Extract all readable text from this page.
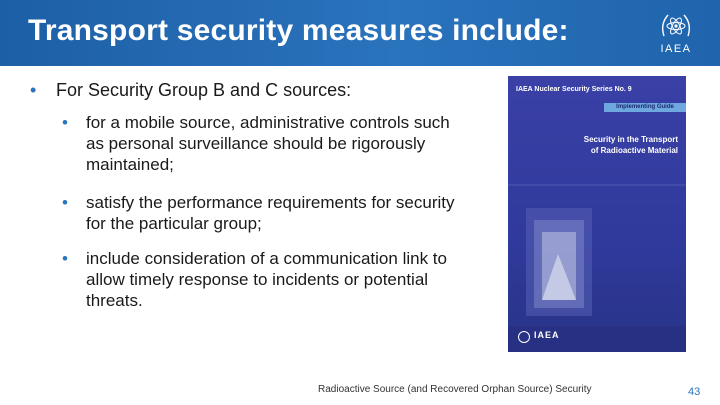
Transport security measures include:
IAEA
• For Security Group B and C sources:
• for a mobile source, administrative controls such as personal surveillance should be rigorously maintained;
• satisfy the performance requirements for security for the particular group;
• include consideration of a communication link to allow timely response to incidents or potential threats.
IAEA Nuclear Security Series No. 9
Implementing Guide
Security in the Transport of Radioactive Material
IAEA
Radioactive Source (and Recovered Orphan Source) Security	43
